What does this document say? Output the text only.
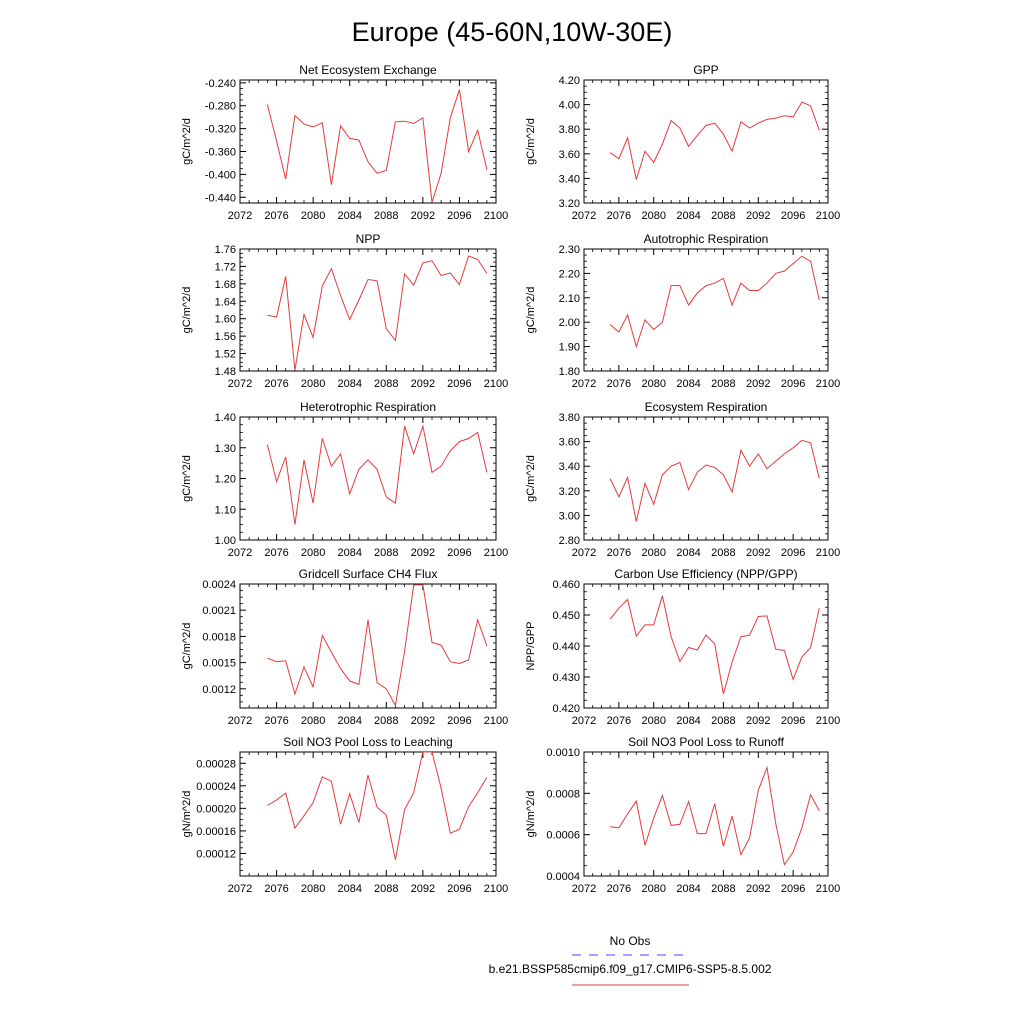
Europe (45-60N,10W-30E)
Net Ecosystem Exchange
2072 2076 2080 2084 2088 2092 2096 2100
-0.240
-0.280
-0.320
-0.360
-0.400
-0.440
gC/m^2/d
GPP
2072 2076 2080 2084 2088 2092 2096 2100
4.20
4.00
3.80
3.60
3.40
3.20
gC/m^2/d
NPP
2072 2076 2080 2084 2088 2092 2096 2100
1.76
1.72
1.68
1.64
1.60
1.56
1.52
1.48
gC/m^2/d
Autotrophic Respiration
2072 2076 2080 2084 2088 2092 2096 2100
2.30
2.20
2.10
2.00
1.90
1.80
gC/m^2/d
Heterotrophic Respiration
2072 2076 2080 2084 2088 2092 2096 2100
1.40
1.30
1.20
1.10
1.00
gC/m^2/d
Ecosystem Respiration
2072 2076 2080 2084 2088 2092 2096 2100
3.80
3.60
3.40
3.20
3.00
2.80
gC/m^2/d
Gridcell Surface CH4 Flux
2072 2076 2080 2084 2088 2092 2096 2100
0.0024
0.0021
0.0018
0.0015
0.0012
gC/m^2/d
Carbon Use Efficiency (NPP/GPP)
2072 2076 2080 2084 2088 2092 2096 2100
0.460
0.450
0.440
0.430
0.420
NPP/GPP
Soil NO3 Pool Loss to Leaching
2072 2076 2080 2084 2088 2092 2096 2100
0.00028
0.00024
0.00020
0.00016
0.00012
gN/m^2/d
Soil NO3 Pool Loss to Runoff
2072 2076 2080 2084 2088 2092 2096 2100
0.0010
0.0008
0.0006
0.0004
gN/m^2/d
No Obs
b.e21.BSSP585cmip6.f09_g17.CMIP6-SSP5-8.5.002
